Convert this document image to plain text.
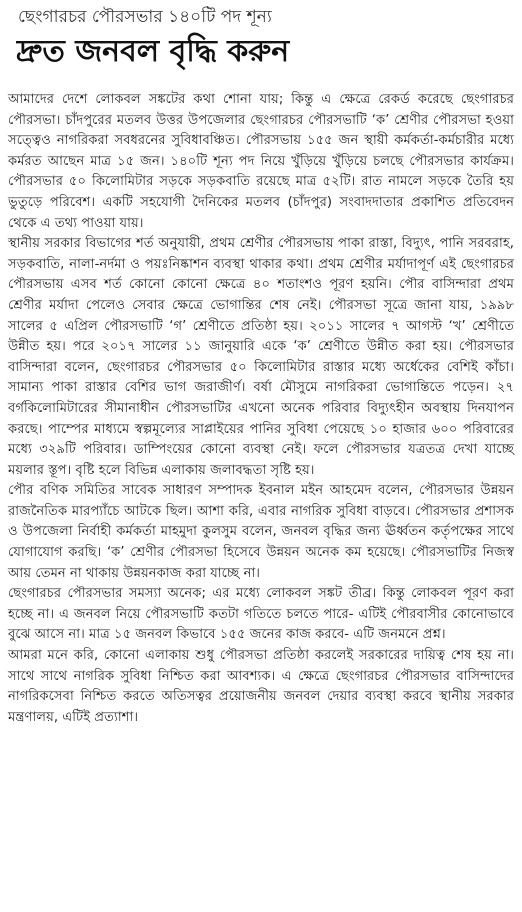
ছেংগারচর পৌরসভার ১৪০টি পদ শূন্য
দ্রুত জনবল বৃদ্ধি করুন

আমাদের দেশে লোকবল সঙ্কটের কথা শোনা যায়; কিন্তু এ ক্ষেত্রে রেকর্ড করেছে ছেংগারচর পৌরসভা। চাঁদপুরের মতলব উত্তর উপজেলার ছেংগারচর পৌরসভাটি ‘ক’ শ্রেণীর পৌরসভা হওয়া সত্ত্বেও নাগরিকরা সবধরনের সুবিধাবঞ্চিত। পৌরসভায় ১৫৫ জন স্থায়ী কর্মকর্তা-কর্মচারীর মধ্যে কর্মরত আছেন মাত্র ১৫ জন। ১৪০টি শূন্য পদ নিয়ে খুঁড়িয়ে খুঁড়িয়ে চলছে পৌরসভার কার্যক্রম। পৌরসভার ৫০ কিলোমিটার সড়কে সড়কবাতি রয়েছে মাত্র ৫২টি। রাত নামলে সড়কে তৈরি হয় ভুতুড়ে পরিবেশ। একটি সহযোগী দৈনিকের মতলব (চাঁদপুর) সংবাদদাতার প্রকাশিত প্রতিবেদন থেকে এ তথ্য পাওয়া যায়।

স্থানীয় সরকার বিভাগের শর্ত অনুযায়ী, প্রথম শ্রেণীর পৌরসভায় পাকা রাস্তা, বিদ্যুৎ, পানি সরবরাহ, সড়কবাতি, নালা-নর্দমা ও পয়ঃনিষ্কাশন ব্যবস্থা থাকার কথা। প্রথম শ্রেণীর মর্যাদাপূর্ণ এই ছেংগারচর পৌরসভায় এসব শর্ত কোনো কোনো ক্ষেত্রে ৪০ শতাংশও পূরণ হয়নি। পৌর বাসিন্দারা প্রথম শ্রেণীর মর্যাদা পেলেও সেবার ক্ষেত্রে ভোগান্তির শেষ নেই। পৌরসভা সূত্রে জানা যায়, ১৯৯৮ সালের ৫ এপ্রিল পৌরসভাটি ‘গ’ শ্রেণীতে প্রতিষ্ঠা হয়। ২০১১ সালের ৭ আগস্ট ‘খ’ শ্রেণীতে উন্নীত হয়। পরে ২০১৭ সালের ১১ জানুয়ারি একে ‘ক’ শ্রেণীতে উন্নীত করা হয়। পৌরসভার বাসিন্দারা বলেন, ছেংগারচর পৌরসভার ৫০ কিলোমিটার রাস্তার মধ্যে অর্ধেকের বেশিই কাঁচা। সামান্য পাকা রাস্তার বেশির ভাগ জরাজীর্ণ। বর্ষা মৌসুমে নাগরিকরা ভোগান্তিতে পড়েন। ২৭ বর্গকিলোমিটারের সীমানাধীন পৌরসভাটির এখনো অনেক পরিবার বিদ্যুৎহীন অবস্থায় দিনযাপন করছে। পাম্পের মাধ্যমে স্বল্পমূল্যের সাপ্লাইয়ের পানির সুবিধা পেয়েছে ১০ হাজার ৬০০ পরিবারের মধ্যে ৩২৯টি পরিবার। ডাম্পিংয়ের কোনো ব্যবস্থা নেই। ফলে পৌরসভার যত্রতত্র দেখা যাচ্ছে ময়লার স্তূপ। বৃষ্টি হলে বিভিন্ন এলাকায় জলাবদ্ধতা সৃষ্টি হয়।

পৌর বণিক সমিতির সাবেক সাধারণ সম্পাদক ইবনাল মইন আহমেদ বলেন, পৌরসভার উন্নয়ন রাজনৈতিক মারপ্যাঁচে আটকে ছিল। আশা করি, এবার নাগরিক সুবিধা বাড়বে। পৌরসভার প্রশাসক ও উপজেলা নির্বাহী কর্মকর্তা মাহমুদা কুলসুম বলেন, জনবল বৃদ্ধির জন্য ঊর্ধ্বতন কর্তৃপক্ষের সাথে যোগাযোগ করছি। ‘ক’ শ্রেণীর পৌরসভা হিসেবে উন্নয়ন অনেক কম হয়েছে। পৌরসভাটির নিজস্ব আয় তেমন না থাকায় উন্নয়নকাজ করা যাচ্ছে না।

ছেংগারচর পৌরসভার সমস্যা অনেক; এর মধ্যে লোকবল সঙ্কট তীব্র। কিন্তু লোকবল পূরণ করা হচ্ছে না। এ জনবল নিয়ে পৌরসভাটি কতটা গতিতে চলতে পারে- এটিই পৌরবাসীর কোনোভাবে বুঝে আসে না। মাত্র ১৫ জনবল কিভাবে ১৫৫ জনের কাজ করবে- এটি জনমনে প্রশ্ন।

আমরা মনে করি, কোনো এলাকায় শুধু পৌরসভা প্রতিষ্ঠা করলেই সরকারের দায়িত্ব শেষ হয় না। সাথে সাথে নাগরিক সুবিধা নিশ্চিত করা আবশ্যক। এ ক্ষেত্রে ছেংগারচর পৌরসভার বাসিন্দাদের নাগরিকসেবা নিশ্চিত করতে অতিসত্বর প্রয়োজনীয় জনবল দেয়ার ব্যবস্থা করবে স্থানীয় সরকার মন্ত্রণালয়, এটিই প্রত্যাশা।
